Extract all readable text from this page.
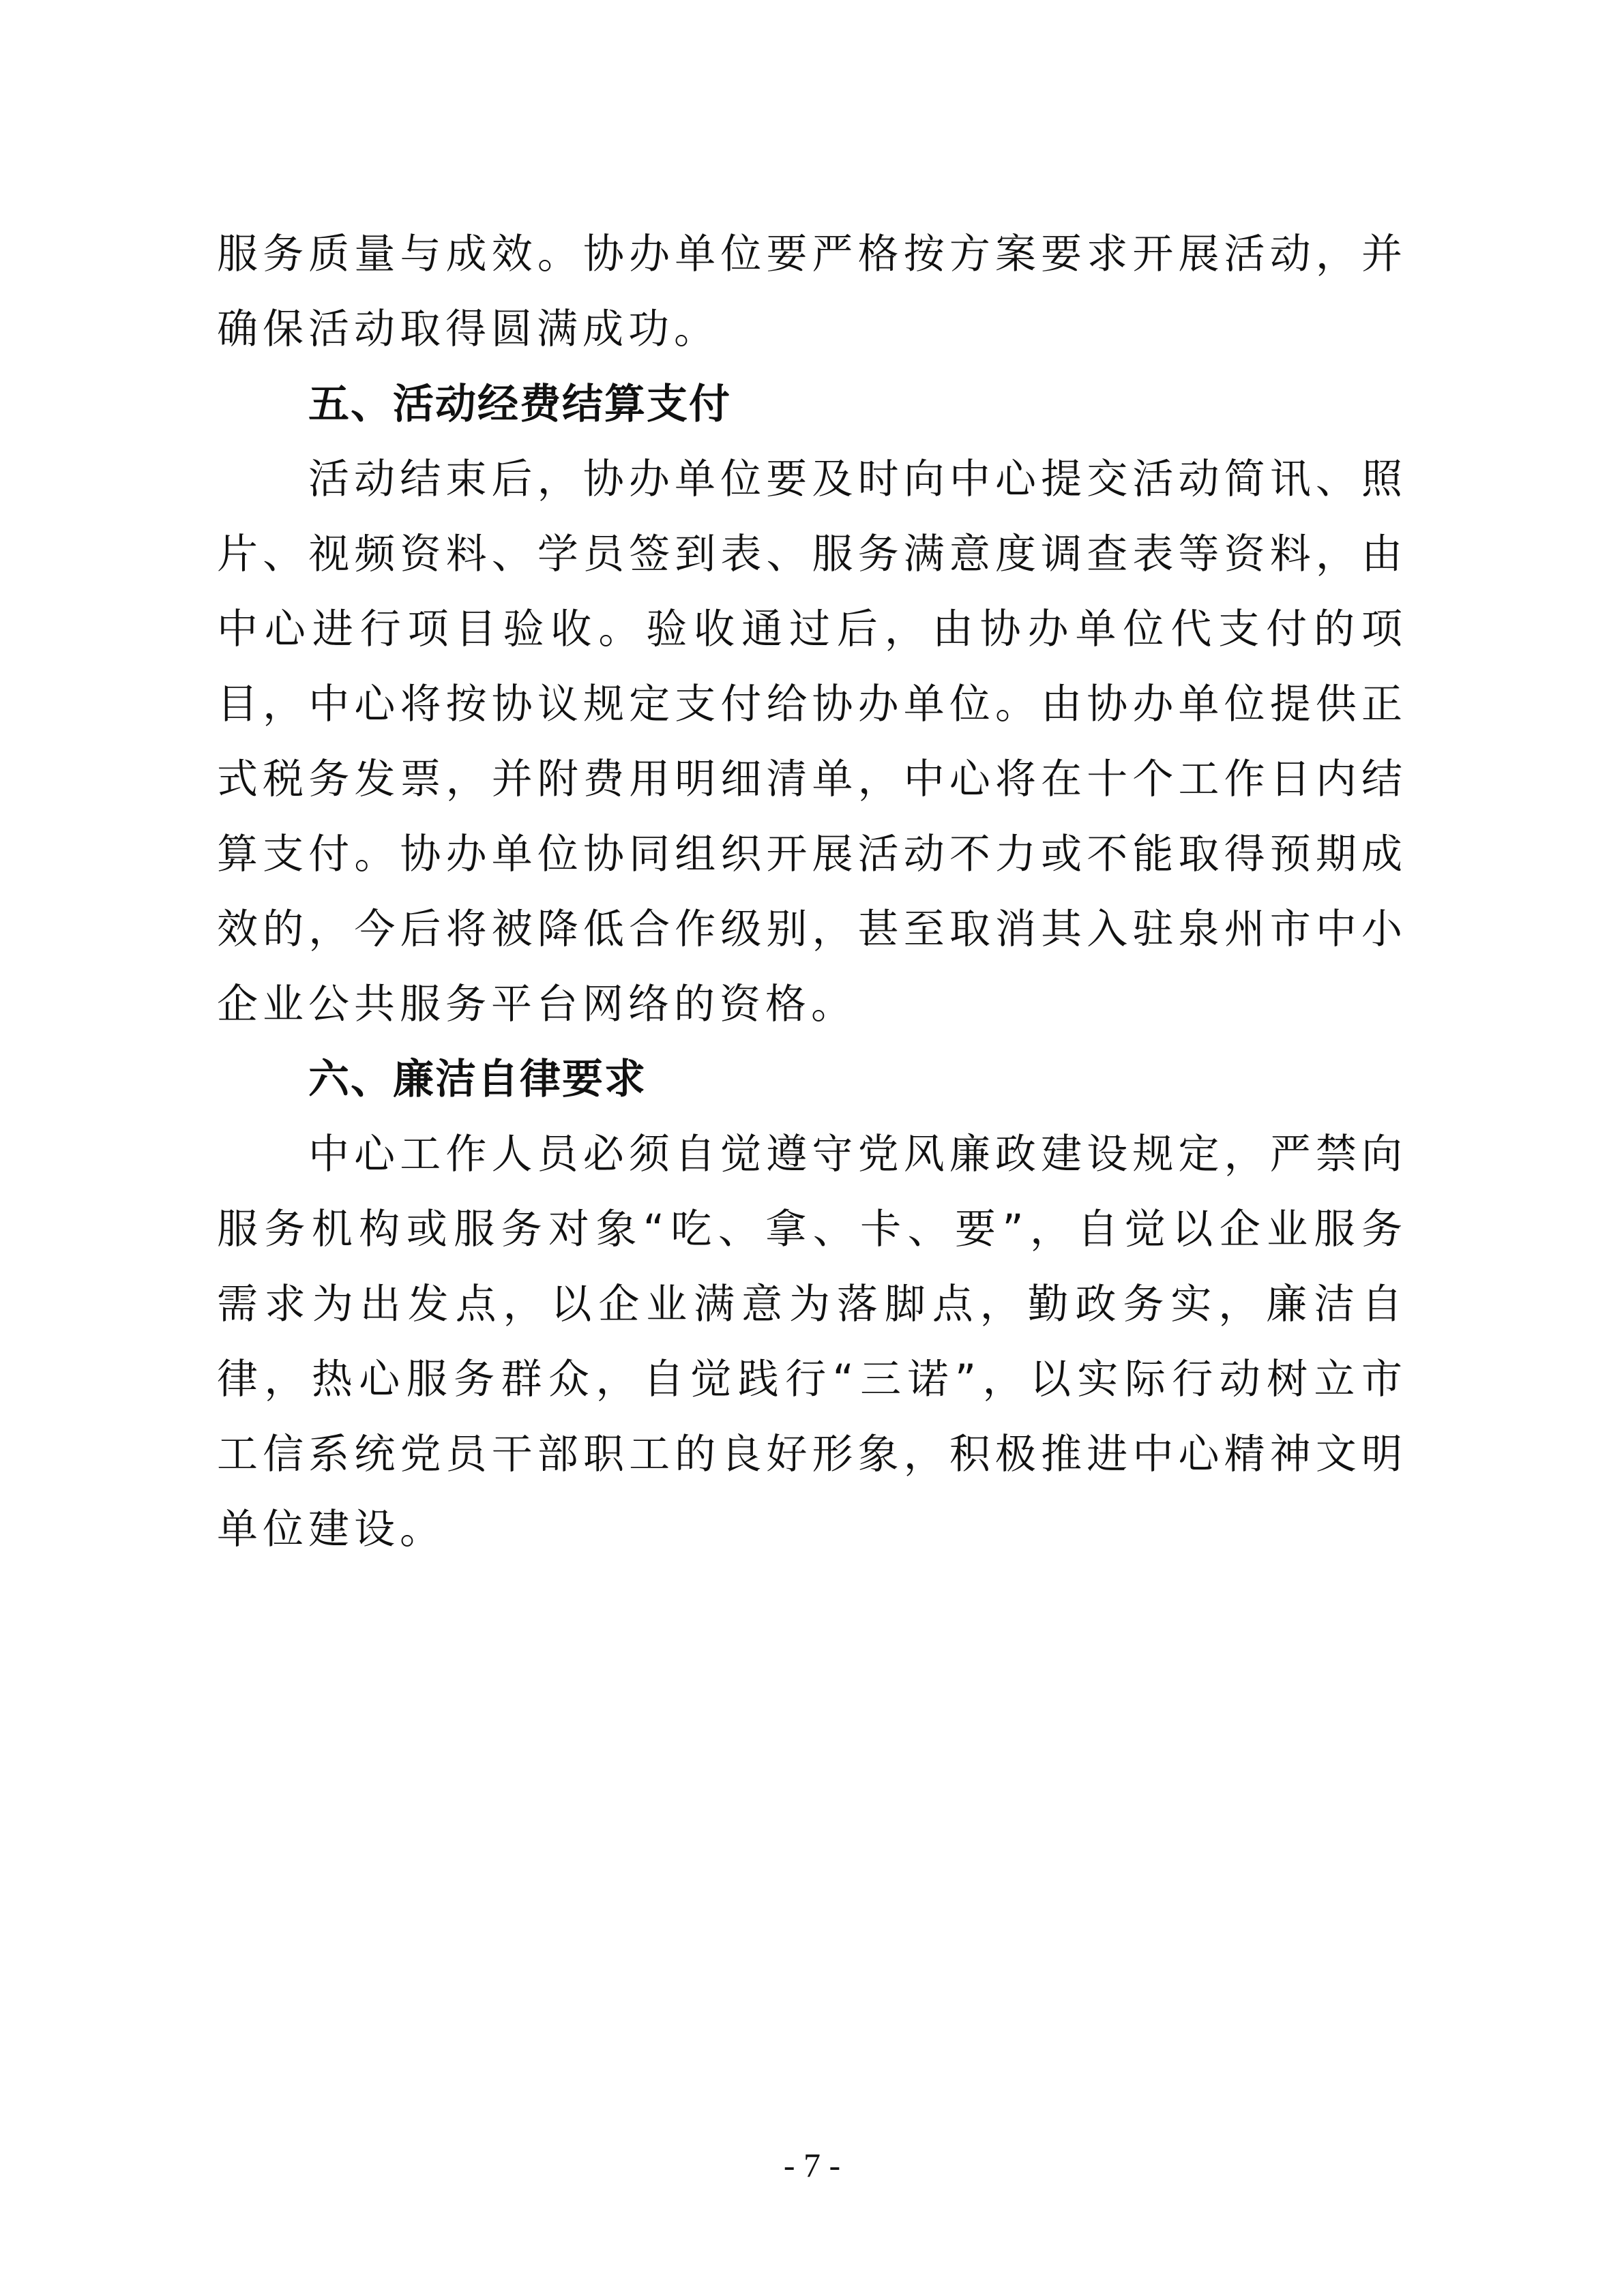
服务质量与成效。协办单位要严格按方案要求开展活动，并确保活动取得圆满成功。

五、活动经费结算支付

活动结束后，协办单位要及时向中心提交活动简讯、照片、视频资料、学员签到表、服务满意度调查表等资料，由中心进行项目验收。验收通过后，由协办单位代支付的项目，中心将按协议规定支付给协办单位。由协办单位提供正式税务发票，并附费用明细清单，中心将在十个工作日内结算支付。协办单位协同组织开展活动不力或不能取得预期成效的，今后将被降低合作级别，甚至取消其入驻泉州市中小企业公共服务平台网络的资格。

六、廉洁自律要求

中心工作人员必须自觉遵守党风廉政建设规定，严禁向服务机构或服务对象“吃、拿、卡、要”，自觉以企业服务需求为出发点，以企业满意为落脚点，勤政务实，廉洁自律，热心服务群众，自觉践行“三诺”，以实际行动树立市工信系统党员干部职工的良好形象，积极推进中心精神文明单位建设。

- 7 -
